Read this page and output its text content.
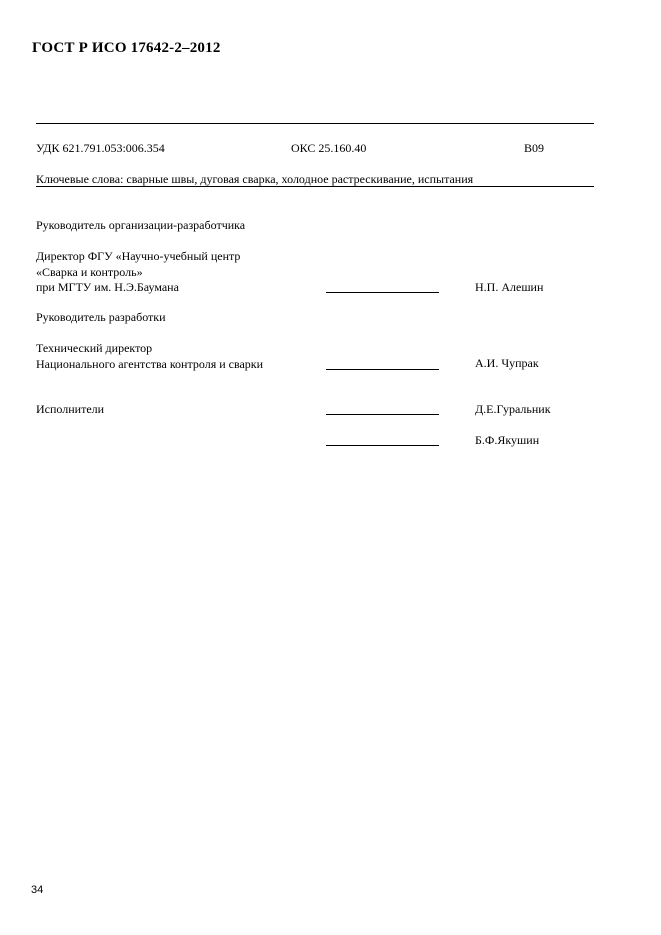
ГОСТ Р ИСО 17642-2–2012
УДК 621.791.053:006.354	ОКС 25.160.40	В09
Ключевые слова: сварные швы, дуговая сварка, холодное растрескивание, испытания
Руководитель организации-разработчика
Директор ФГУ «Научно-учебный центр
«Сварка и контроль»
при МГТУ им. Н.Э.Баумана	Н.П. Алешин
Руководитель разработки
Технический директор
Национального агентства контроля и сварки	А.И. Чупрак
Исполнители	Д.Е.Гуральник
Б.Ф.Якушин
34
